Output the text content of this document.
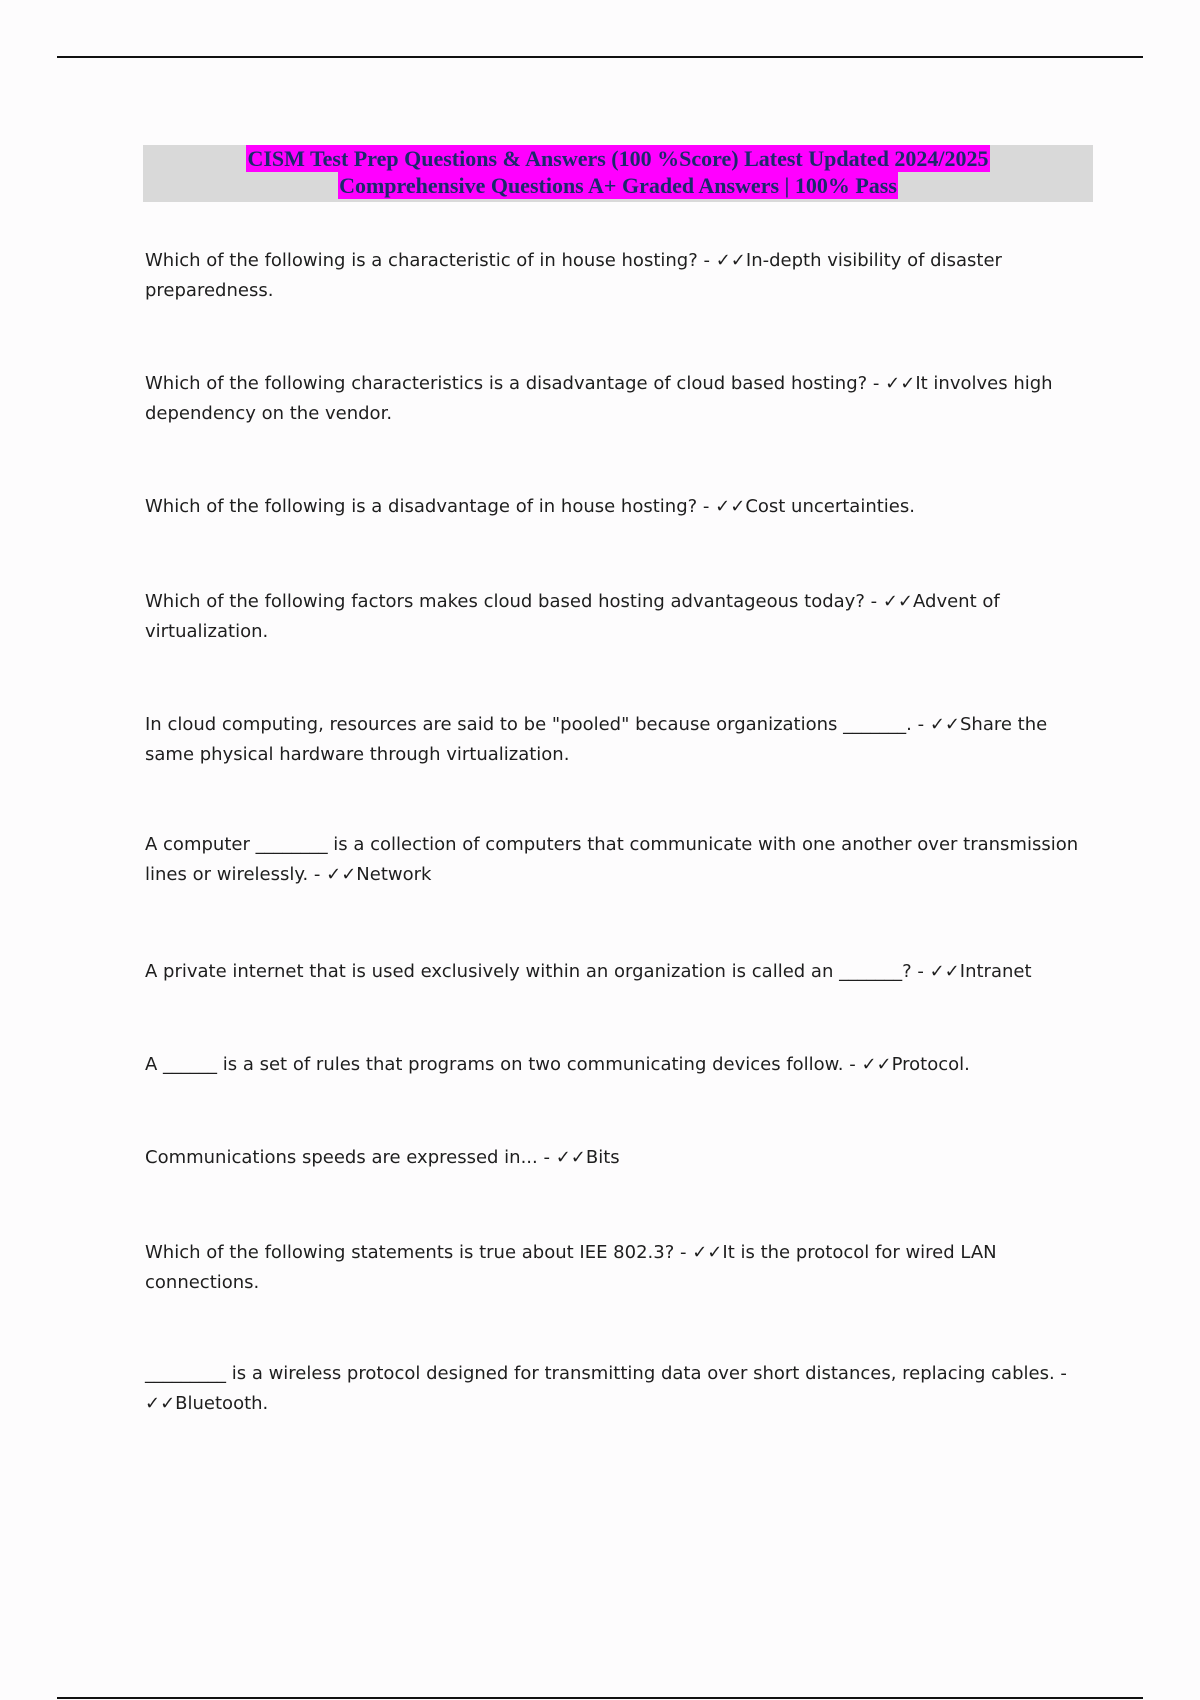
CISM Test Prep Questions & Answers (100 %Score) Latest Updated 2024/2025
Comprehensive Questions A+ Graded Answers | 100% Pass

Which of the following is a characteristic of in house hosting? - ✓✓In-depth visibility of disaster preparedness.

Which of the following characteristics is a disadvantage of cloud based hosting? - ✓✓It involves high dependency on the vendor.

Which of the following is a disadvantage of in house hosting? - ✓✓Cost uncertainties.

Which of the following factors makes cloud based hosting advantageous today? - ✓✓Advent of virtualization.

In cloud computing, resources are said to be "pooled" because organizations _______. - ✓✓Share the same physical hardware through virtualization.

A computer ________ is a collection of computers that communicate with one another over transmission lines or wirelessly. - ✓✓Network

A private internet that is used exclusively within an organization is called an _______? - ✓✓Intranet

A ______ is a set of rules that programs on two communicating devices follow. - ✓✓Protocol.

Communications speeds are expressed in... - ✓✓Bits

Which of the following statements is true about IEE 802.3? - ✓✓It is the protocol for wired LAN connections.

_________ is a wireless protocol designed for transmitting data over short distances, replacing cables. - ✓✓Bluetooth.
